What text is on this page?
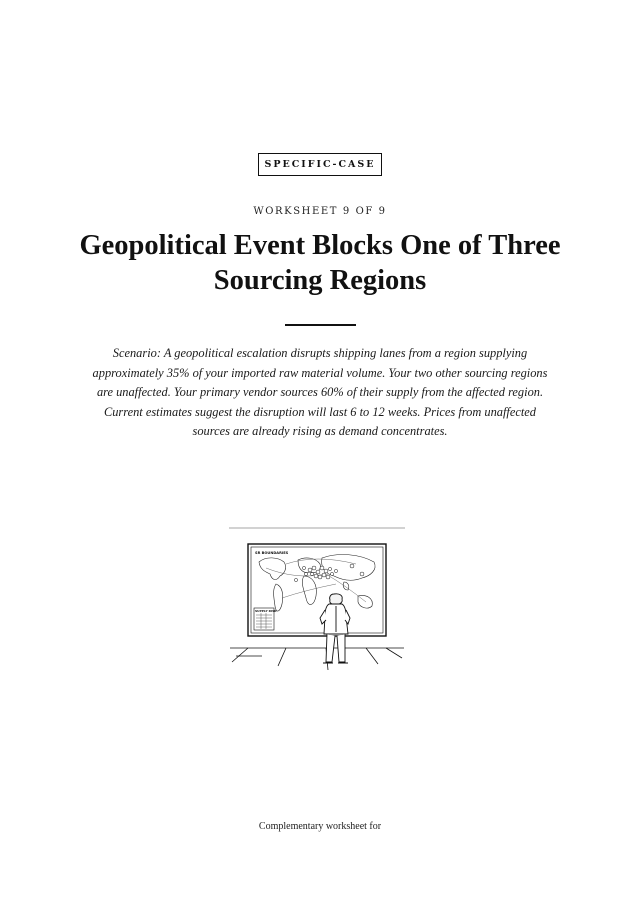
SPECIFIC-CASE
WORKSHEET 9 OF 9
Geopolitical Event Blocks One of Three Sourcing Regions

Scenario: A geopolitical escalation disrupts shipping lanes from a region supplying approximately 35% of your imported raw material volume. Your two other sourcing regions are unaffected. Your primary vendor sources 60% of their supply from the affected region. Current estimates suggest the disruption will last 6 to 12 weeks. Prices from unaffected sources are already rising as demand concentrates.

SR BOUNDARIES
SUPPLY RISK
Complementary worksheet for
